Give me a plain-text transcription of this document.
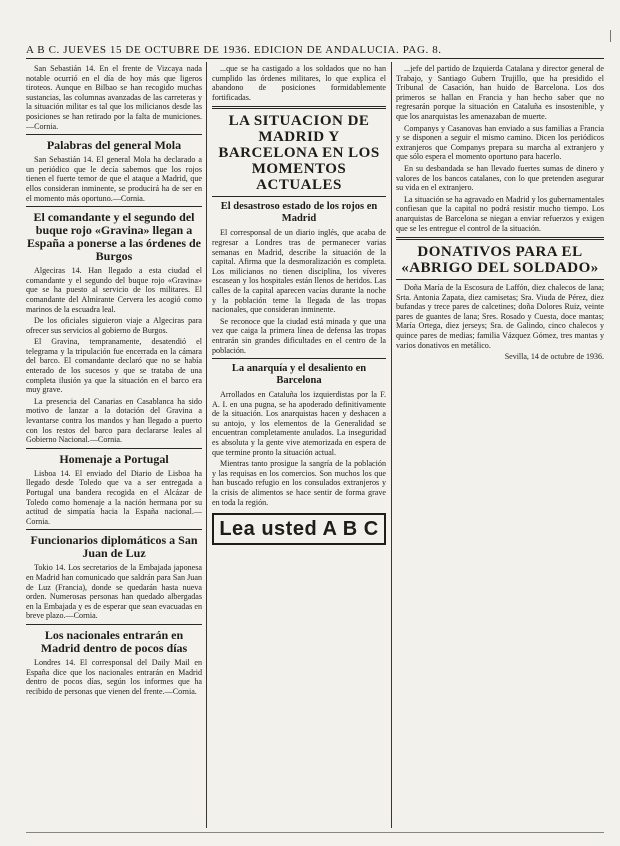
A B C. JUEVES 15 DE OCTUBRE DE 1936. EDICION DE ANDALUCIA. PAG. 8.

San Sebastián 14. En el frente de Vizcaya nada notable ocurrió en el día de hoy más que ligeros tiroteos. Aunque en Bilbao se han recogido muchas sustancias, las columnas avanzadas de las carreteras y la situación militar es tal que los milicianos desde las posiciones se han retirado por la falta de municiones.—Cornia.

Palabras del general Mola

San Sebastián 14. El general Mola ha declarado a un periódico que le decía sabemos que los rojos tienen el fuerte temor de que el ataque a Madrid, que ellos consideran inminente, se producirá ha de ser en el momento más oportuno.—Cornia.

El comandante y el segundo del buque rojo «Gravina» llegan a España a ponerse a las órdenes de Burgos

Algeciras 14. Han llegado a esta ciudad el comandante y el segundo del buque rojo «Gravina» que se ha puesto al servicio de los militares. El comandante del Almirante Cervera les acogió como marinos de la escuadra leal.

De los oficiales siguieron viaje a Algeciras para ofrecer sus servicios al gobierno de Burgos.

El Gravina, tempranamente, desatendió el telegrama y la tripulación fue encerrada en la cámara del barco. El comandante declaró que no se había enterado de los sucesos y que se trataba de una completa ilusión ya que la situación en el barco era muy grave.

La presencia del Canarias en Casablanca ha sido motivo de lanzar a la dotación del Gravina a levantarse contra los mandos y han llegado a puerto con los restos del barco para declararse leales al Gobierno Nacional.—Cornia.

Homenaje a Portugal

Lisboa 14. El enviado del Diario de Lisboa ha llegado desde Toledo que va a ser entregada a Portugal una bandera recogida en el Alcázar de Toledo como homenaje a la nación hermana por su actitud de simpatía hacia la España nacional.—Cornia.

Funcionarios diplomáticos a San Juan de Luz

Tokio 14. Los secretarios de la Embajada japonesa en Madrid han comunicado que saldrán para San Juan de Luz (Francia), donde se quedarán hasta nueva orden. Numerosas personas han quedado albergadas en la Embajada y es de esperar que sean evacuadas en breve plazo.—Cornia.

Los nacionales entrarán en Madrid dentro de pocos días

Londres 14. El corresponsal del Daily Mail en España dice que los nacionales entrarán en Madrid dentro de pocos días, según los informes que ha recibido de personas que vienen del frente.—Cornia.

...que se ha castigado a los soldados que no han cumplido las órdenes militares, lo que explica el abandono de posiciones formidablemente fortificadas.

LA SITUACION DE MADRID Y BARCELONA EN LOS MOMENTOS ACTUALES
El desastroso estado de los rojos en Madrid

El corresponsal de un diario inglés, que acaba de regresar a Londres tras de permanecer varias semanas en Madrid, describe la situación de la capital. Afirma que la desmoralización es completa. Los milicianos no tienen disciplina, los víveres escasean y los hospitales están llenos de heridos. Las calles de la capital aparecen vacías durante la noche y la población teme la llegada de las tropas nacionales, que consideran inminente.

Se reconoce que la ciudad está minada y que una vez que caiga la primera línea de defensa las tropas entrarán sin grandes dificultades en el centro de la población.

La anarquía y el desaliento en Barcelona

Arrollados en Cataluña los izquierdistas por la F. A. I. en una pugna, se ha apoderado definitivamente de la situación. Los anarquistas hacen y deshacen a su antojo, y los elementos de la Generalidad se encuentran completamente anulados. La inseguridad es absoluta y la gente vive atemorizada en espera de que termine pronto la situación actual.

Mientras tanto prosigue la sangría de la población y las requisas en los comercios. Son muchos los que han buscado refugio en los consulados extranjeros y la crisis de alimentos se hace sentir de forma grave en toda la región.

Lea usted A B C

...jefe del partido de Izquierda Catalana y director general de Trabajo, y Santiago Gubern Trujillo, que ha presidido el Tribunal de Casación, han huido de Barcelona. Los dos primeros se hallan en Francia y han hecho saber que no regresarán porque la situación en Cataluña es insostenible, y que los anarquistas les amenazaban de muerte.

Companys y Casanovas han enviado a sus familias a Francia y se disponen a seguir el mismo camino. Dicen los periódicos extranjeros que Companys prepara su marcha al extranjero y que sólo espera el momento oportuno para hacerlo.

En su desbandada se han llevado fuertes sumas de dinero y valores de los bancos catalanes, con lo que pretenden asegurar su vida en el extranjero.

La situación se ha agravado en Madrid y los gubernamentales confiesan que la capital no podrá resistir mucho tiempo. Los anarquistas de Barcelona se niegan a enviar refuerzos y exigen que se les entregue el control de la situación.

DONATIVOS PARA EL «ABRIGO DEL SOLDADO»

Doña María de la Escosura de Laffón, diez chalecos de lana; Srta. Antonia Zapata, diez camisetas; Sra. Viuda de Pérez, diez bufandas y trece pares de calcetines; doña Dolores Ruiz, veinte pares de guantes de lana; Sres. Rosado y Cuesta, doce mantas; María Ortega, diez jerseys; Sra. de Galindo, cinco chalecos y quince pares de medias; familia Vázquez Gómez, tres mantas y varios donativos en metálico.

Sevilla, 14 de octubre de 1936.
